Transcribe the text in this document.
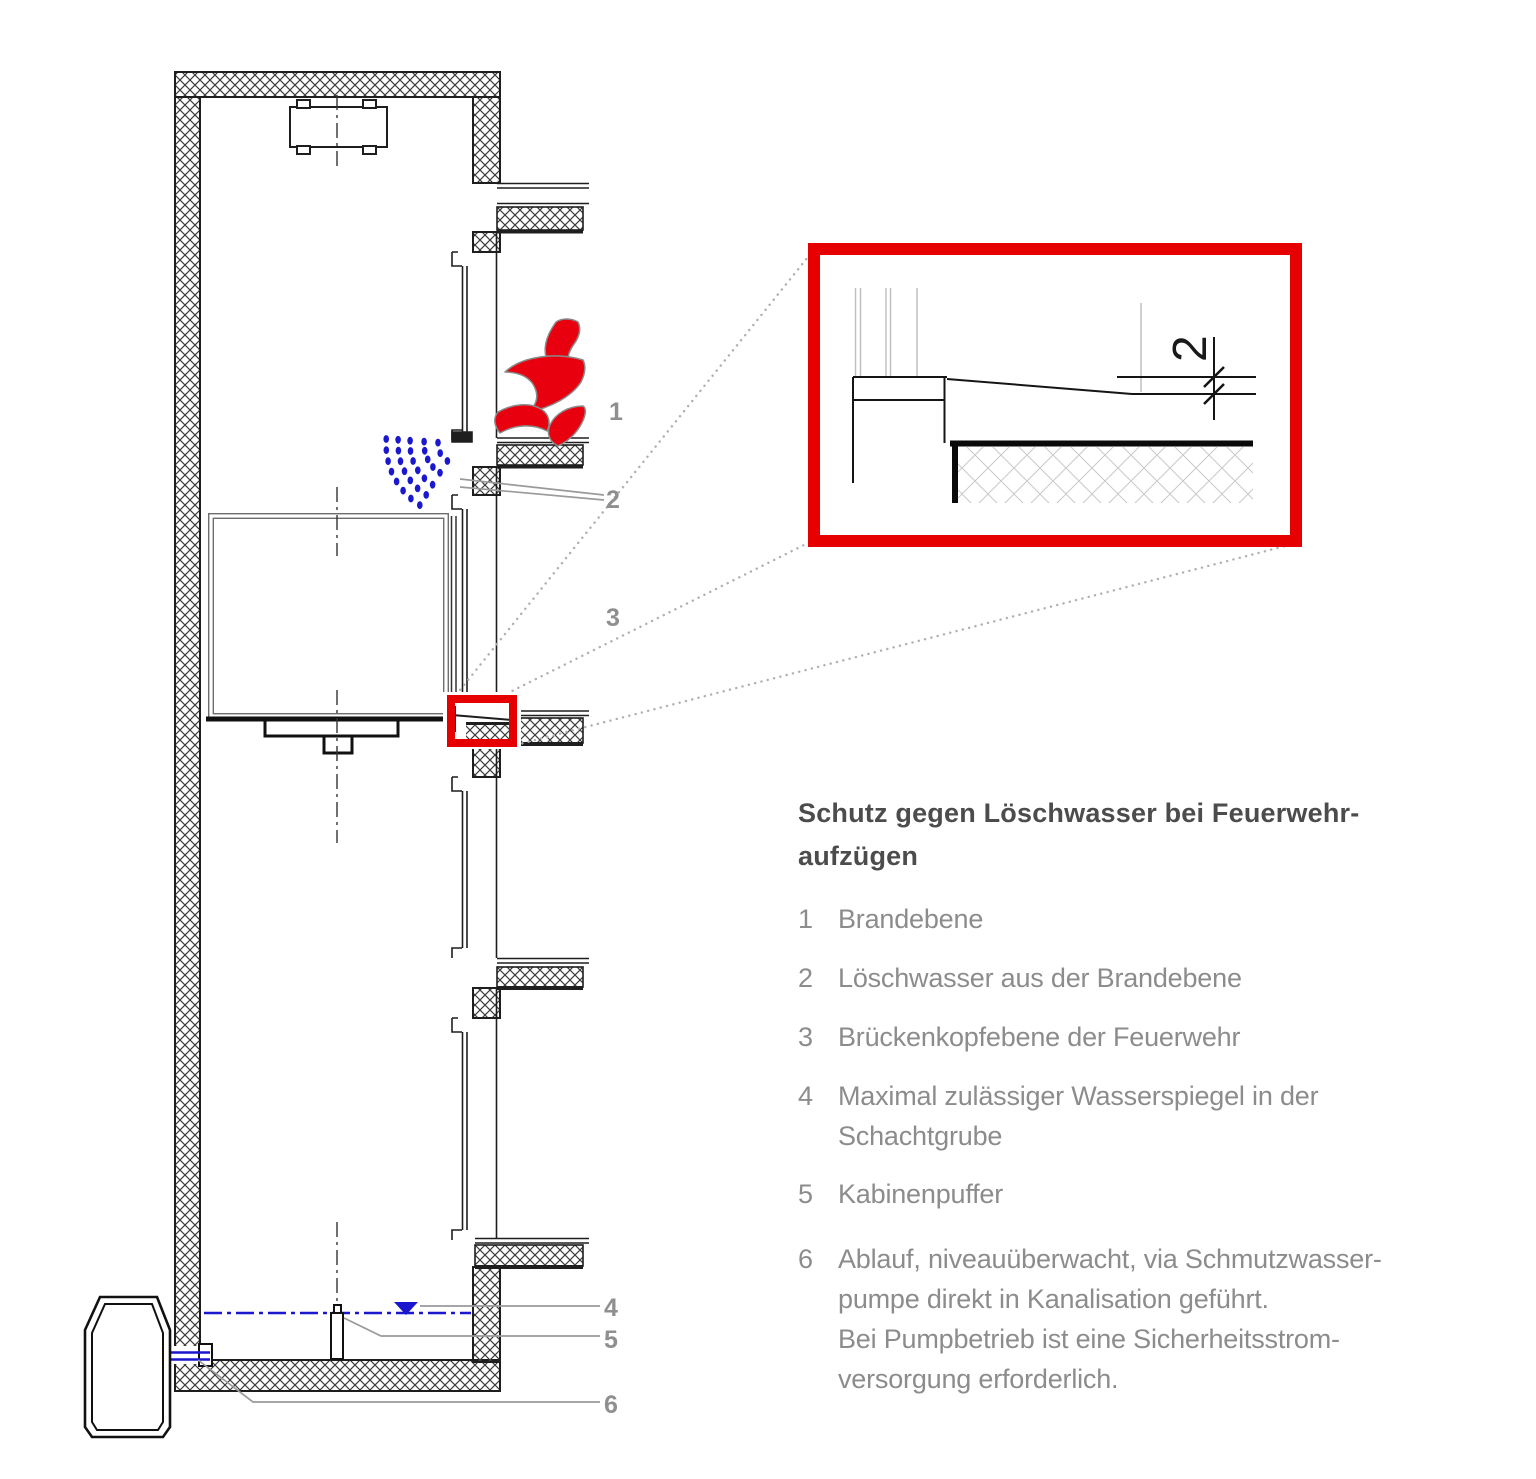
2
1
2
3
4
5
6
Schutz gegen Löschwasser bei Feuerwehr-
aufzügen
1 Brandebene
2 Löschwasser aus der Brandebene
3 Brückenkopfebene der Feuerwehr
4 Maximal zulässiger Wasserspiegel in der
Schachtgrube
5 Kabinenpuffer
6 Ablauf, niveauüberwacht, via Schmutzwasser-
pumpe direkt in Kanalisation geführt.
Bei Pumpbetrieb ist eine Sicherheitsstrom-
versorgung erforderlich.
